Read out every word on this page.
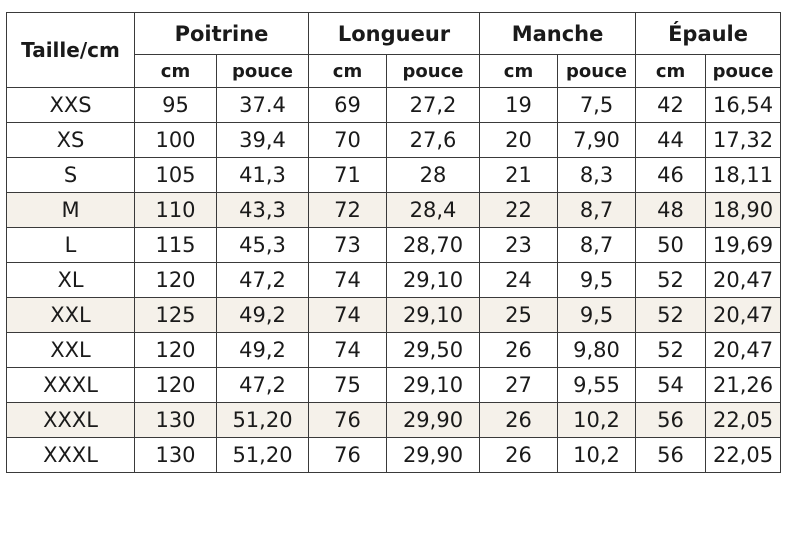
Taille/cm	Poitrine		Longueur		Manche		Épaule	
	cm	pouce	cm	pouce	cm	pouce	cm	pouce
XXS	95	37.4	69	27,2	19	7,5	42	16,54
XS	100	39,4	70	27,6	20	7,90	44	17,32
S	105	41,3	71	28	21	8,3	46	18,11
M	110	43,3	72	28,4	22	8,7	48	18,90
L	115	45,3	73	28,70	23	8,7	50	19,69
XL	120	47,2	74	29,10	24	9,5	52	20,47
XXL	125	49,2	74	29,10	25	9,5	52	20,47
XXL	120	49,2	74	29,50	26	9,80	52	20,47
XXXL	120	47,2	75	29,10	27	9,55	54	21,26
XXXL	130	51,20	76	29,90	26	10,2	56	22,05
XXXL	130	51,20	76	29,90	26	10,2	56	22,05
